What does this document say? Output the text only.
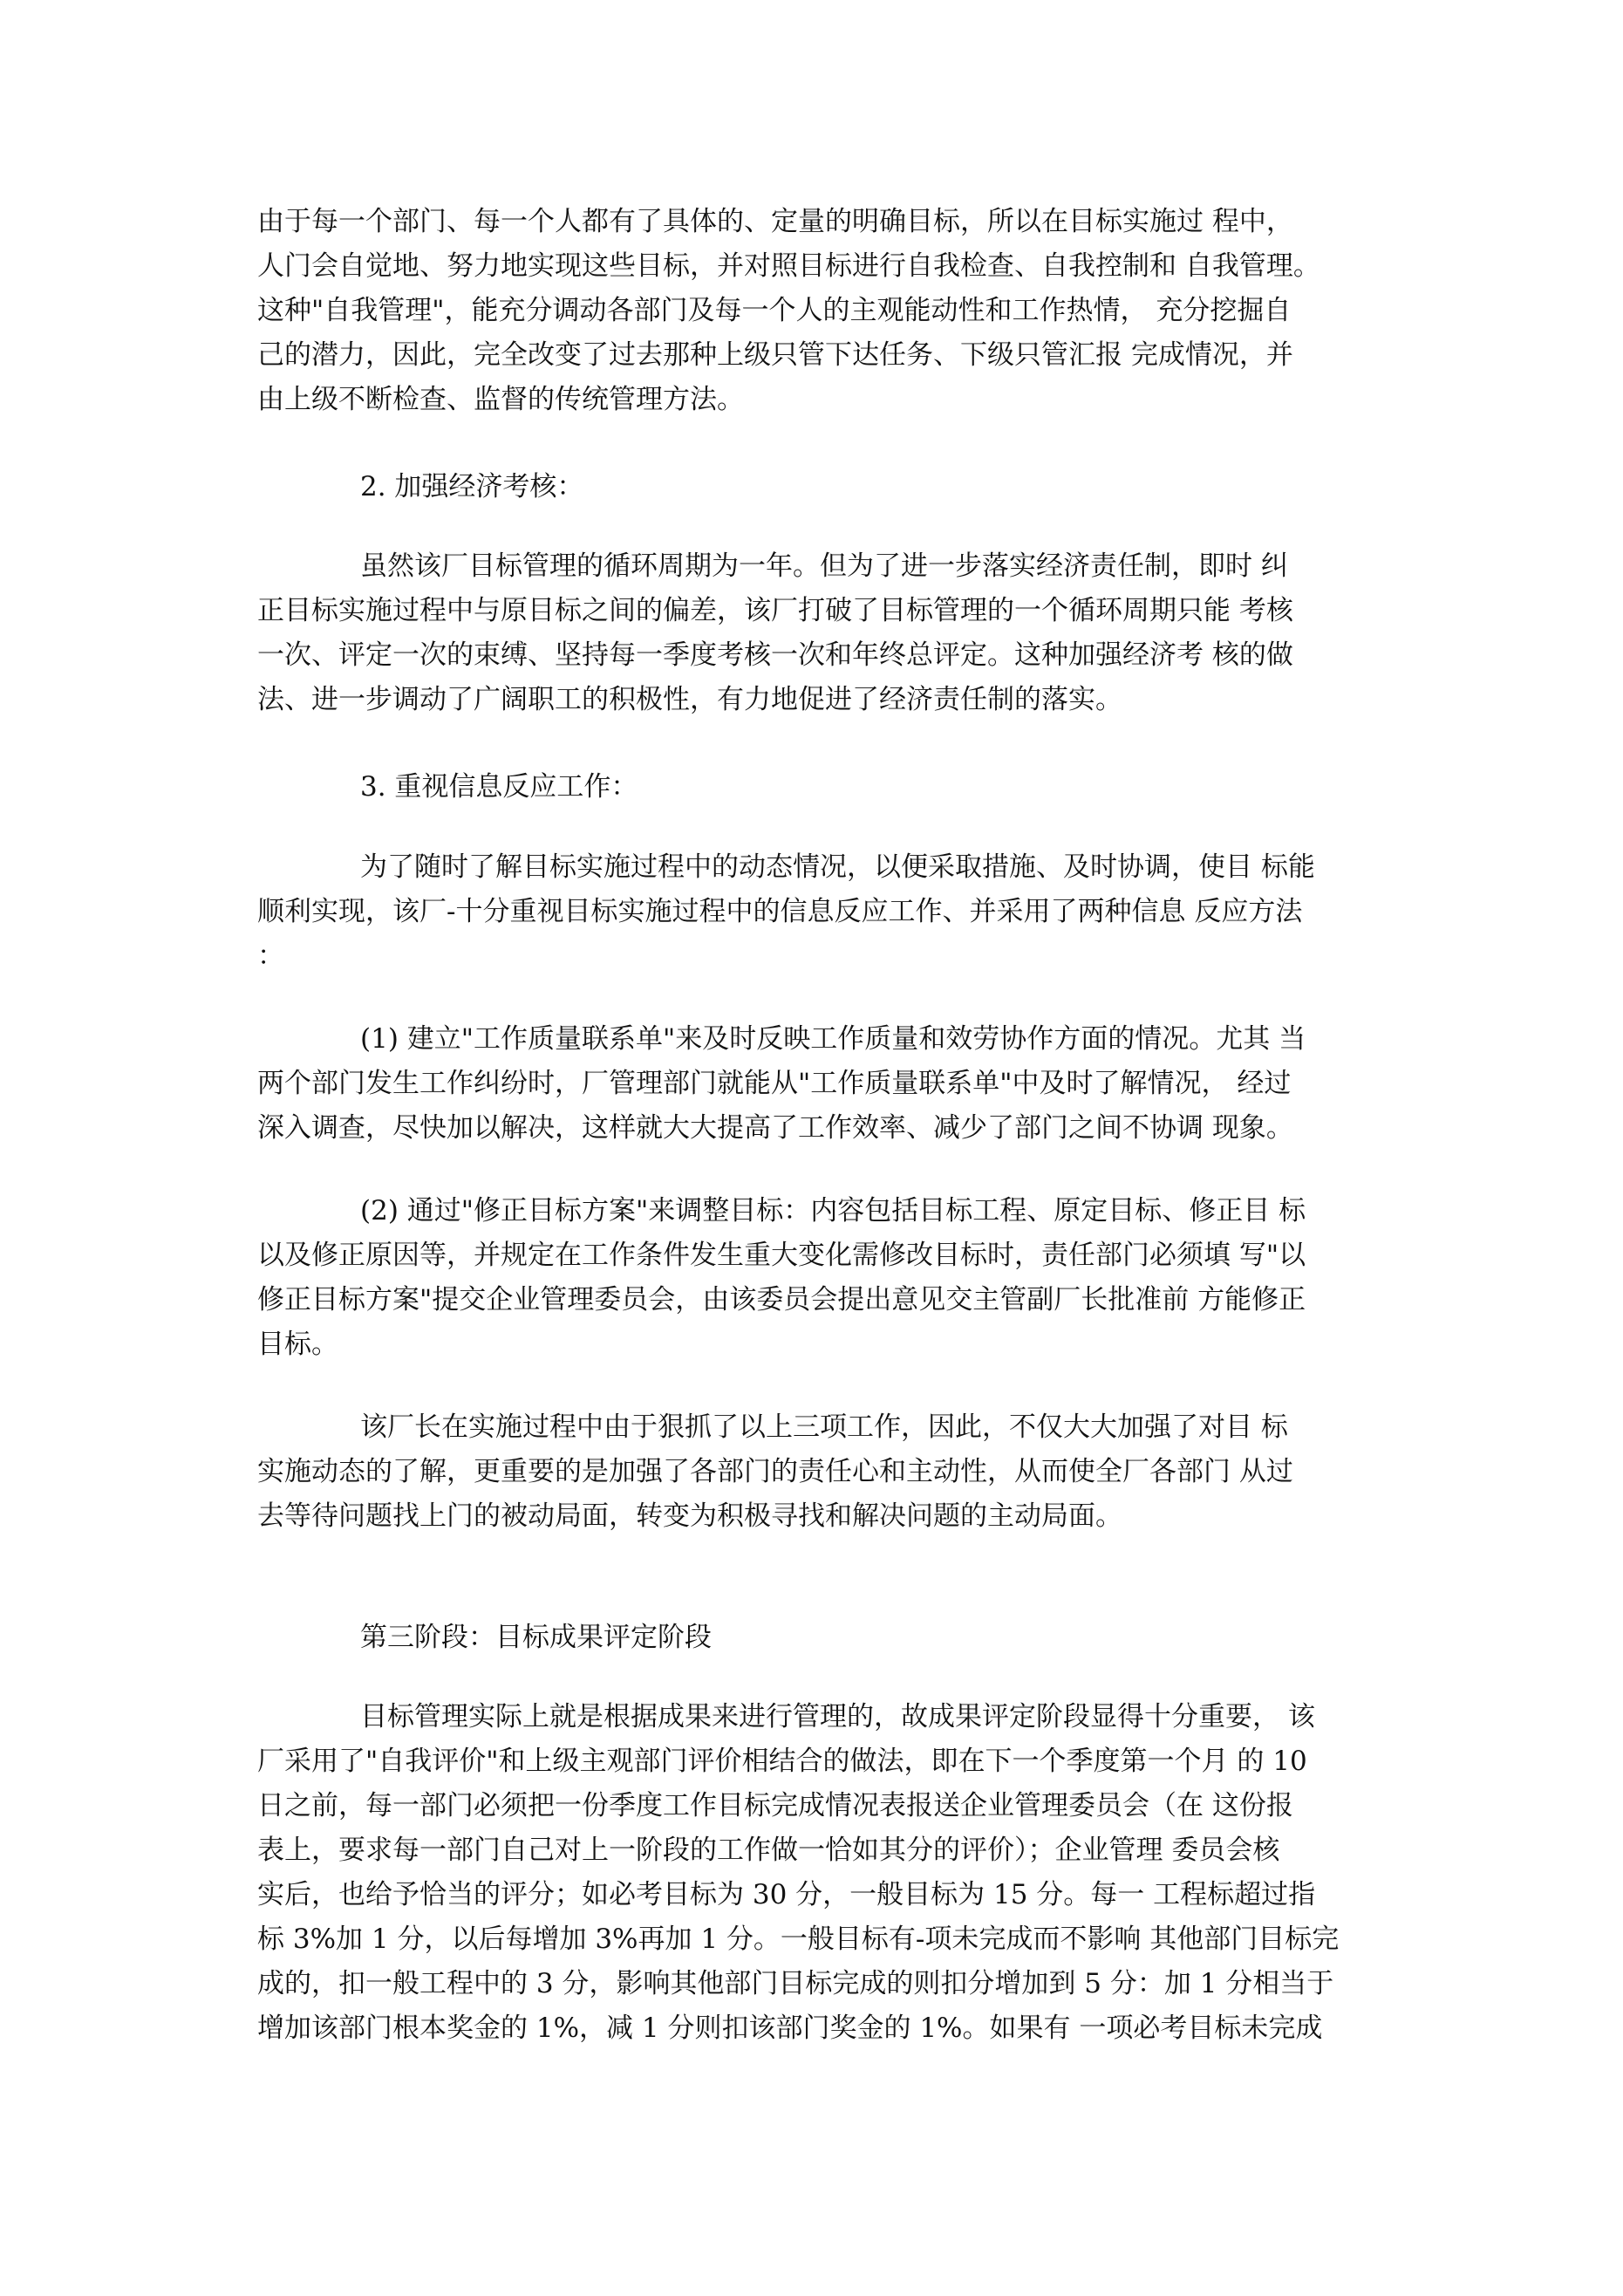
由于每一个部门、每一个人都有了具体的、定量的明确目标，所以在目标实施过 程中，
人门会自觉地、努力地实现这些目标，并对照目标进行自我检查、自我控制和 自我管理。
这种"自我管理"，能充分调动各部门及每一个人的主观能动性和工作热情， 充分挖掘自
己的潜力，因此，完全改变了过去那种上级只管下达任务、下级只管汇报 完成情况，并
由上级不断检查、监督的传统管理方法。
2. 加强经济考核：
虽然该厂目标管理的循环周期为一年。但为了进一步落实经济责任制，即时 纠
正目标实施过程中与原目标之间的偏差，该厂打破了目标管理的一个循环周期只能 考核
一次、评定一次的束缚、坚持每一季度考核一次和年终总评定。这种加强经济考 核的做
法、进一步调动了广阔职工的积极性，有力地促进了经济责任制的落实。
3. 重视信息反应工作：
为了随时了解目标实施过程中的动态情况，以便采取措施、及时协调，使目 标能
顺利实现，该厂-十分重视目标实施过程中的信息反应工作、并采用了两种信息 反应方法
：
(1) 建立"工作质量联系单"来及时反映工作质量和效劳协作方面的情况。尤其 当
两个部门发生工作纠纷时，厂管理部门就能从"工作质量联系单"中及时了解情况， 经过
深入调查，尽快加以解决，这样就大大提高了工作效率、减少了部门之间不协调 现象。
(2) 通过"修正目标方案"来调整目标：内容包括目标工程、原定目标、修正目 标
以及修正原因等，并规定在工作条件发生重大变化需修改目标时，责任部门必须填 写"以
修正目标方案"提交企业管理委员会，由该委员会提出意见交主管副厂长批准前 方能修正
目标。
该厂长在实施过程中由于狠抓了以上三项工作，因此，不仅大大加强了对目 标
实施动态的了解，更重要的是加强了各部门的责任心和主动性，从而使全厂各部门 从过
去等待问题找上门的被动局面，转变为积极寻找和解决问题的主动局面。
第三阶段：目标成果评定阶段
目标管理实际上就是根据成果来进行管理的，故成果评定阶段显得十分重要， 该
厂采用了"自我评价"和上级主观部门评价相结合的做法，即在下一个季度第一个月 的 10
日之前，每一部门必须把一份季度工作目标完成情况表报送企业管理委员会（在 这份报
表上，要求每一部门自己对上一阶段的工作做一恰如其分的评价）；企业管理 委员会核
实后，也给予恰当的评分；如必考目标为 30 分，一般目标为 15 分。每一 工程标超过指
标 3%加 1 分，以后每增加 3%再加 1 分。一般目标有-项未完成而不影响 其他部门目标完
成的，扣一般工程中的 3 分，影响其他部门目标完成的则扣分增加到 5 分：加 1 分相当于
增加该部门根本奖金的 1%，减 1 分则扣该部门奖金的 1%。如果有 一项必考目标未完成
